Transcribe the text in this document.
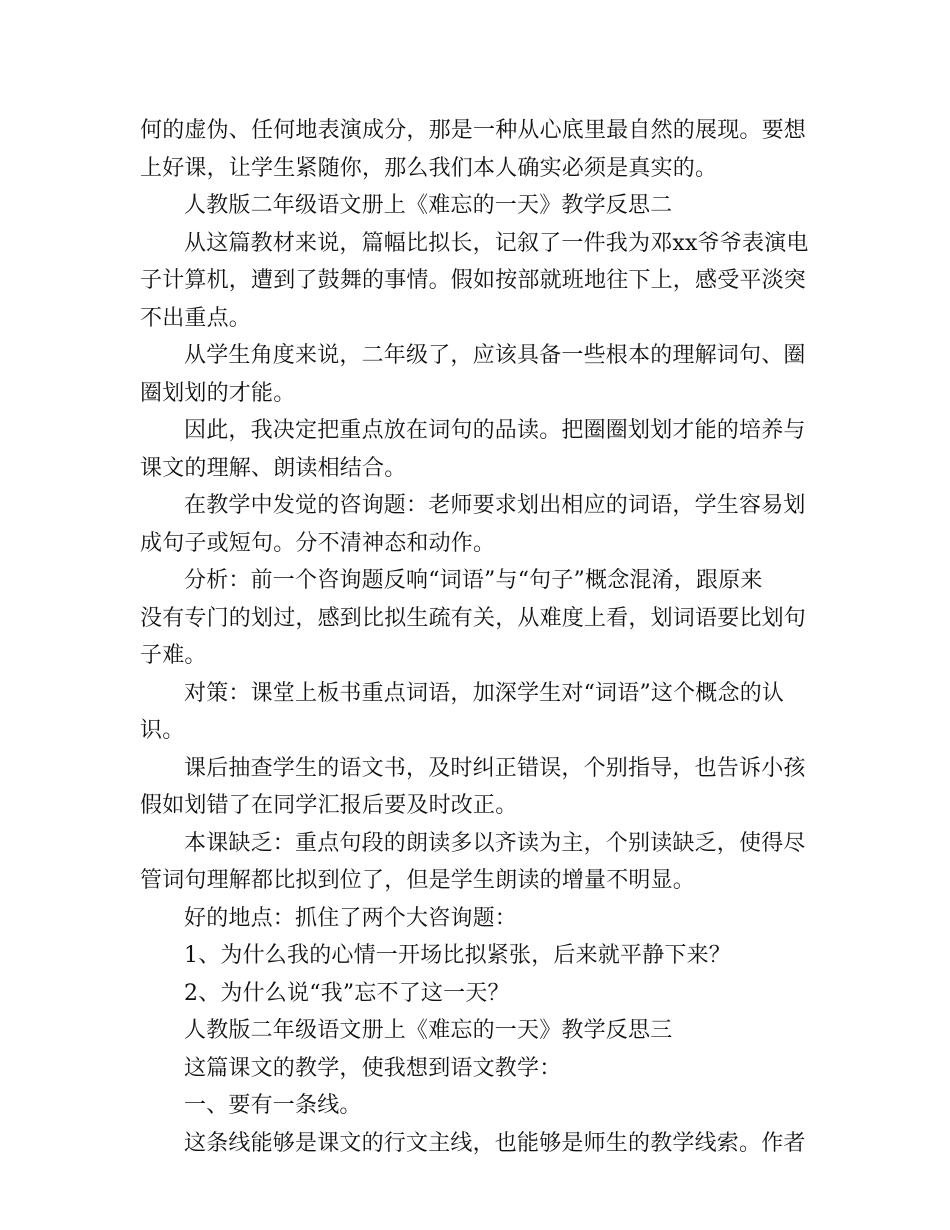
何的虚伪、任何地表演成分，那是一种从心底里最自然的展现。要想
上好课，让学生紧随你，那么我们本人确实必须是真实的。
人教版二年级语文册上《难忘的一天》教学反思二
从这篇教材来说，篇幅比拟长，记叙了一件我为邓xx爷爷表演电
子计算机，遭到了鼓舞的事情。假如按部就班地往下上，感受平淡突
不出重点。
从学生角度来说，二年级了，应该具备一些根本的理解词句、圈
圈划划的才能。
因此，我决定把重点放在词句的品读。把圈圈划划才能的培养与
课文的理解、朗读相结合。
在教学中发觉的咨询题：老师要求划出相应的词语，学生容易划
成句子或短句。分不清神态和动作。
分析：前一个咨询题反响“词语”与“句子”概念混淆，跟原来
没有专门的划过，感到比拟生疏有关，从难度上看，划词语要比划句
子难。
对策：课堂上板书重点词语，加深学生对“词语”这个概念的认
识。
课后抽查学生的语文书，及时纠正错误，个别指导，也告诉小孩
假如划错了在同学汇报后要及时改正。
本课缺乏：重点句段的朗读多以齐读为主，个别读缺乏，使得尽
管词句理解都比拟到位了，但是学生朗读的增量不明显。
好的地点：抓住了两个大咨询题：
1、为什么我的心情一开场比拟紧张，后来就平静下来？
2、为什么说“我”忘不了这一天？
人教版二年级语文册上《难忘的一天》教学反思三
这篇课文的教学，使我想到语文教学：
一、要有一条线。
这条线能够是课文的行文主线，也能够是师生的教学线索。作者
